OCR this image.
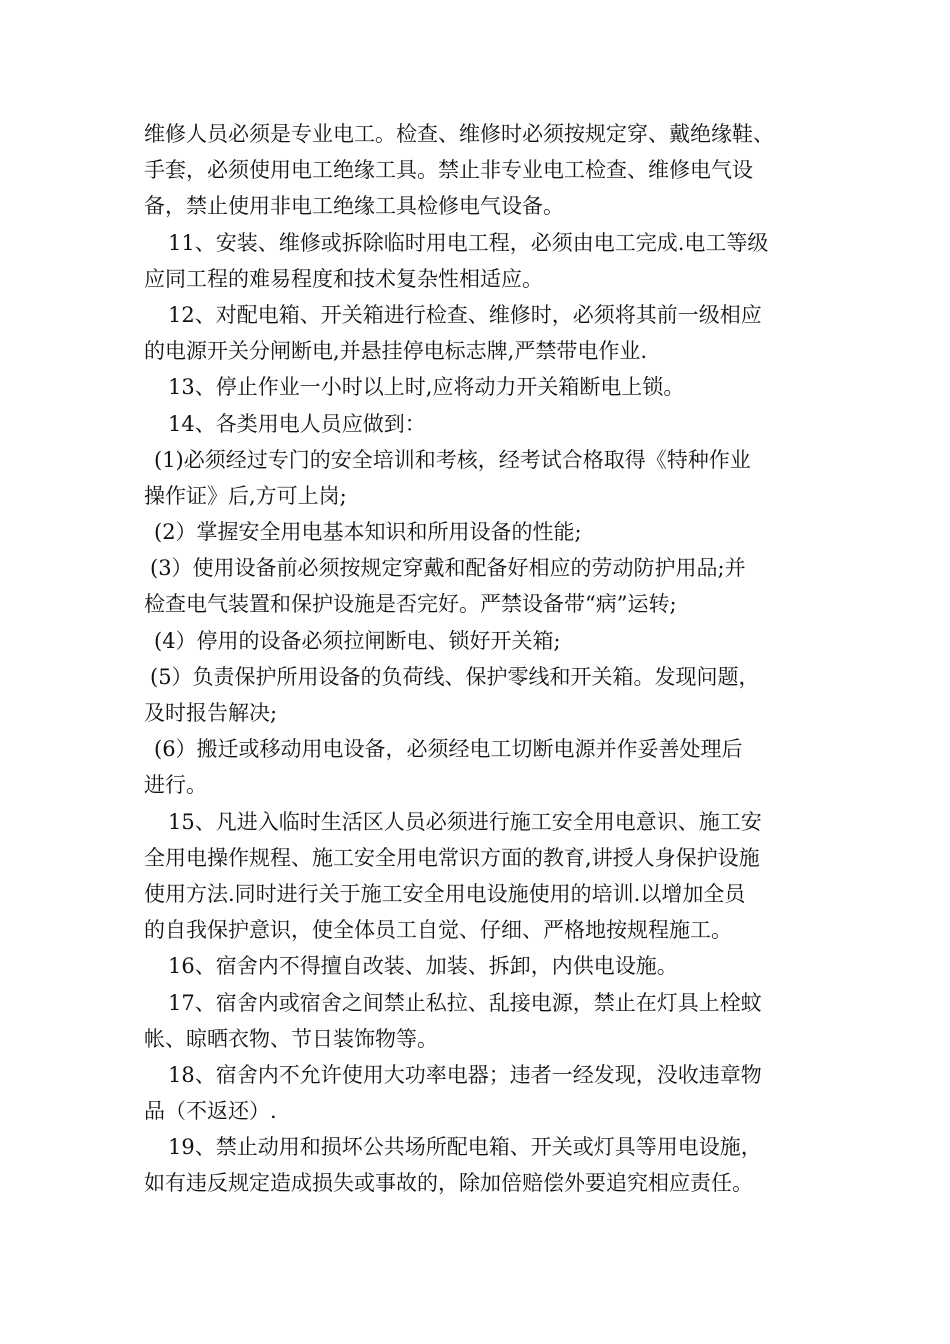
维修人员必须是专业电工。检查、维修时必须按规定穿、戴绝缘鞋、
手套，必须使用电工绝缘工具。禁止非专业电工检查、维修电气设
备，禁止使用非电工绝缘工具检修电气设备。
11、安装、维修或拆除临时用电工程，必须由电工完成.电工等级
应同工程的难易程度和技术复杂性相适应。
12、对配电箱、开关箱进行检查、维修时，必须将其前一级相应
的电源开关分闸断电,并悬挂停电标志牌,严禁带电作业.
13、停止作业一小时以上时,应将动力开关箱断电上锁。
14、各类用电人员应做到：
(1)必须经过专门的安全培训和考核，经考试合格取得《特种作业
操作证》后,方可上岗;
(2）掌握安全用电基本知识和所用设备的性能;
(3）使用设备前必须按规定穿戴和配备好相应的劳动防护用品;并
检查电气装置和保护设施是否完好。严禁设备带“病”运转;
(4）停用的设备必须拉闸断电、锁好开关箱;
(5）负责保护所用设备的负荷线、保护零线和开关箱。发现问题，
及时报告解决;
(6）搬迁或移动用电设备，必须经电工切断电源并作妥善处理后
进行。
15、凡进入临时生活区人员必须进行施工安全用电意识、施工安
全用电操作规程、施工安全用电常识方面的教育,讲授人身保护设施
使用方法.同时进行关于施工安全用电设施使用的培训.以增加全员
的自我保护意识，使全体员工自觉、仔细、严格地按规程施工。
16、宿舍内不得擅自改装、加装、拆卸，内供电设施。
17、宿舍内或宿舍之间禁止私拉、乱接电源，禁止在灯具上栓蚊
帐、晾晒衣物、节日装饰物等。
18、宿舍内不允许使用大功率电器；违者一经发现，没收违章物
品（不返还）.
19、禁止动用和损坏公共场所配电箱、开关或灯具等用电设施，
如有违反规定造成损失或事故的，除加倍赔偿外要追究相应责任。
